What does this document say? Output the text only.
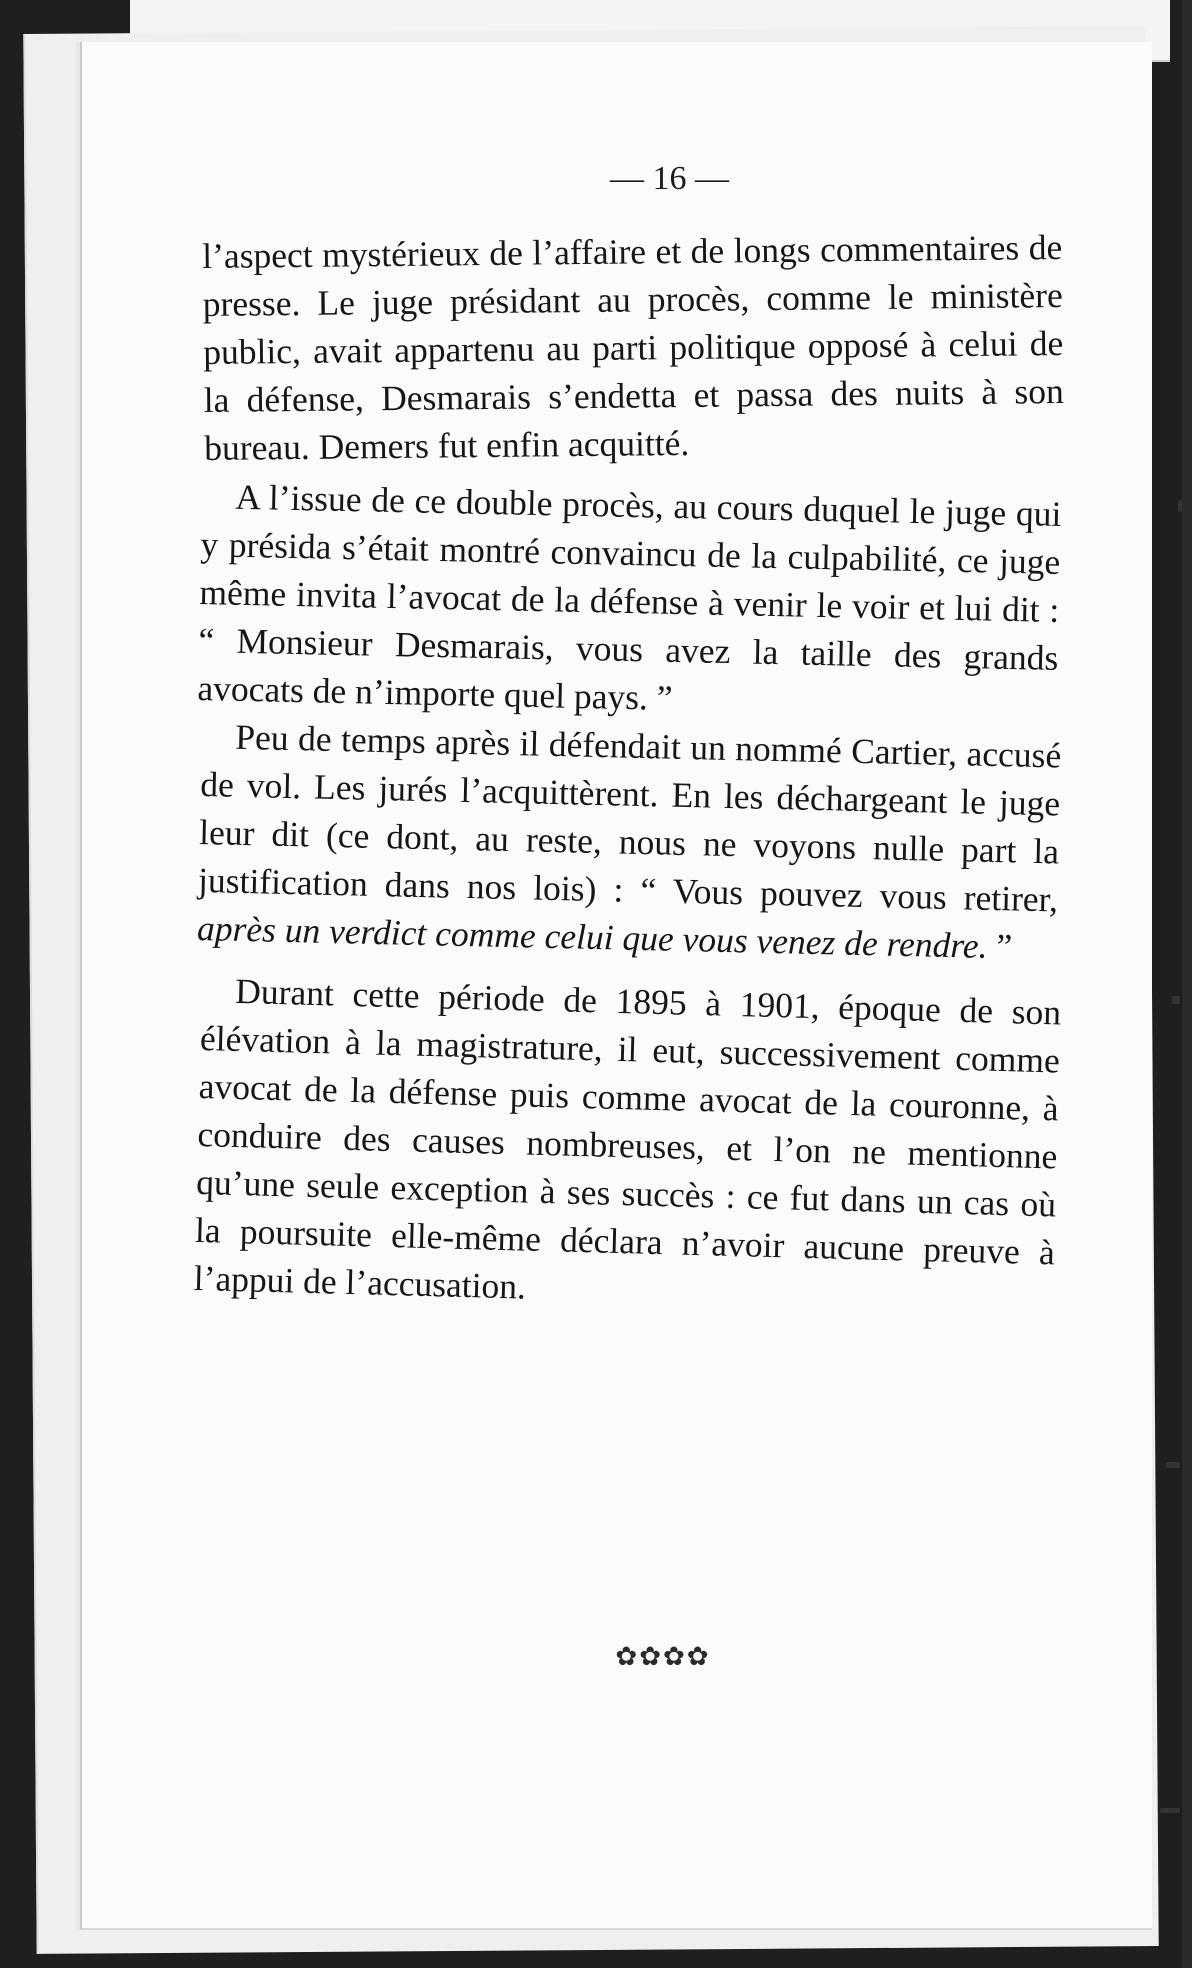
— 16 —

l’aspect mystérieux de l’affaire et de longs commentaires de presse. Le juge présidant au procès, comme le ministère public, avait appartenu au parti politique opposé à celui de la défense, Desmarais s’endetta et passa des nuits à son bureau. Demers fut enfin acquitté.

A l’issue de ce double procès, au cours duquel le juge qui y présida s’était montré convaincu de la culpabilité, ce juge même invita l’avocat de la défense à venir le voir et lui dit : “ Monsieur Desmarais, vous avez la taille des grands avocats de n’importe quel pays. ”

Peu de temps après il défendait un nommé Cartier, accusé de vol. Les jurés l’acquittèrent. En les déchargeant le juge leur dit (ce dont, au reste, nous ne voyons nulle part la justification dans nos lois) : “ Vous pouvez vous retirer, après un verdict comme celui que vous venez de rendre. ”

Durant cette période de 1895 à 1901, époque de son élévation à la magistrature, il eut, successivement comme avocat de la défense puis comme avocat de la couronne, à conduire des causes nombreuses, et l’on ne mentionne qu’une seule exception à ses succès : ce fut dans un cas où la poursuite elle-même déclara n’avoir aucune preuve à l’appui de l’accusation.

✿✿✿✿
